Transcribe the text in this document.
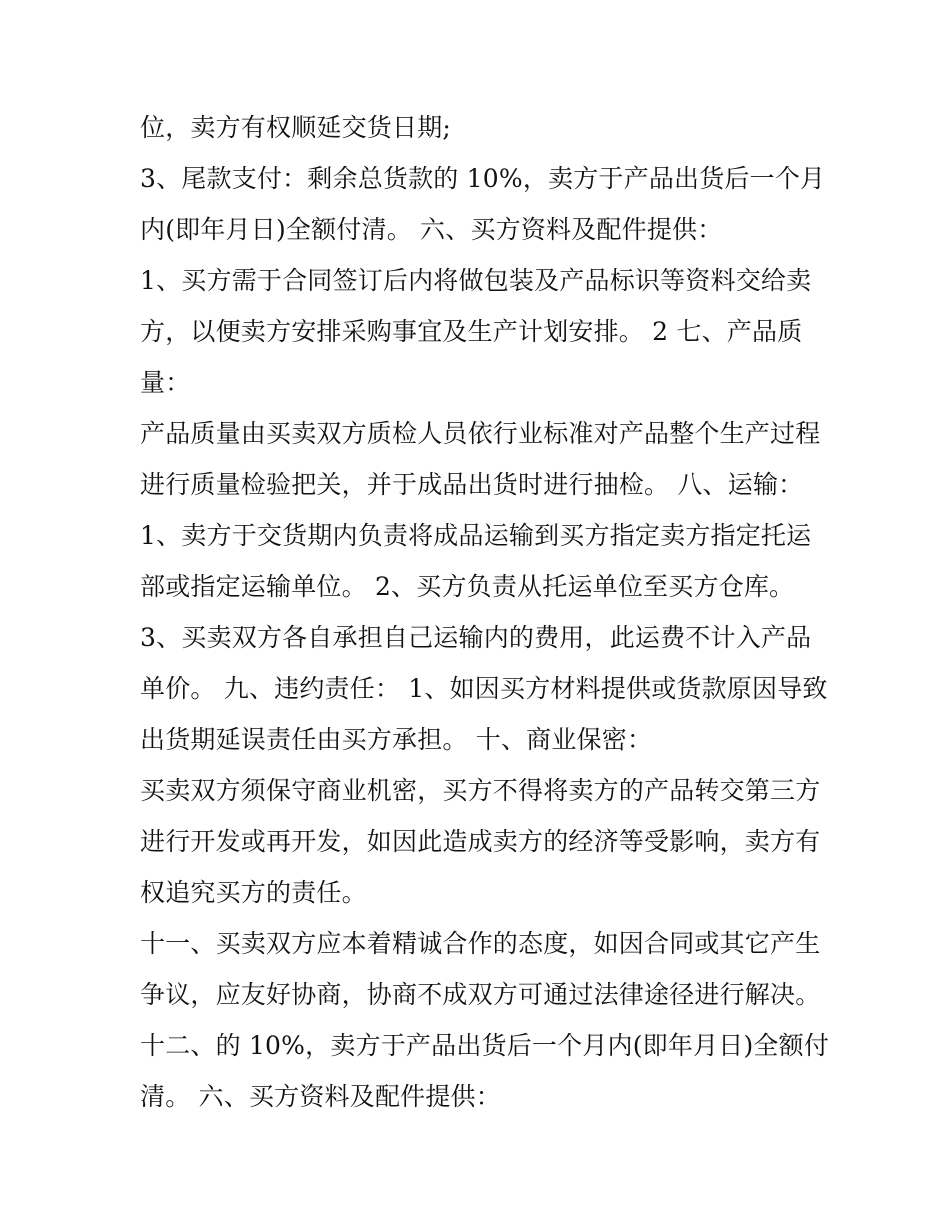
位，卖方有权顺延交货日期;
3、尾款支付：剩余总货款的 10%，卖方于产品出货后一个月
内(即年月日)全额付清。 六、买方资料及配件提供：
1、买方需于合同签订后内将做包装及产品标识等资料交给卖
方，以便卖方安排采购事宜及生产计划安排。 2 七、产品质
量：
产品质量由买卖双方质检人员依行业标准对产品整个生产过程
进行质量检验把关，并于成品出货时进行抽检。 八、运输：
1、卖方于交货期内负责将成品运输到买方指定卖方指定托运
部或指定运输单位。 2、买方负责从托运单位至买方仓库。
3、买卖双方各自承担自己运输内的费用，此运费不计入产品
单价。 九、违约责任： 1、如因买方材料提供或货款原因导致
出货期延误责任由买方承担。 十、商业保密：
买卖双方须保守商业机密，买方不得将卖方的产品转交第三方
进行开发或再开发，如因此造成卖方的经济等受影响，卖方有
权追究买方的责任。
十一、买卖双方应本着精诚合作的态度，如因合同或其它产生
争议，应友好协商，协商不成双方可通过法律途径进行解决。
十二、的 10%，卖方于产品出货后一个月内(即年月日)全额付
清。 六、买方资料及配件提供：
